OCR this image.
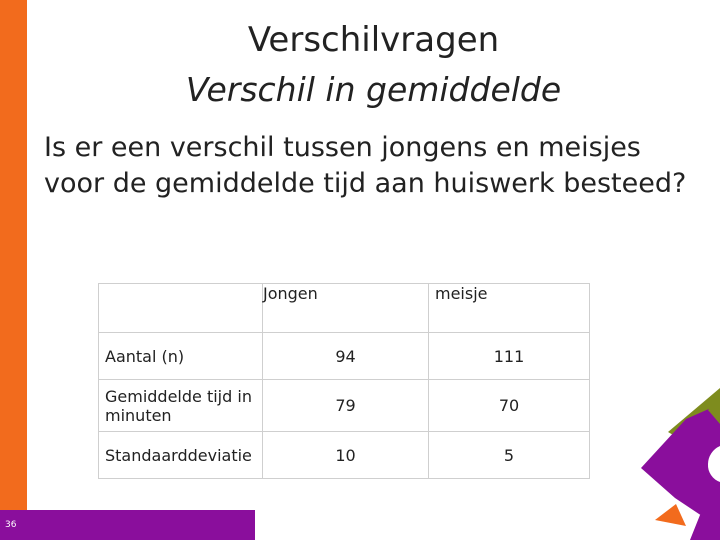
36
Verschilvragen
Verschil in gemiddelde
Is er een verschil tussen jongens en meisjes voor de gemiddelde tijd aan huiswerk besteed?
	Jongen	meisje
Aantal (n)	94	111
Gemiddelde tijd in minuten	79	70
Standaarddeviatie	10	5
